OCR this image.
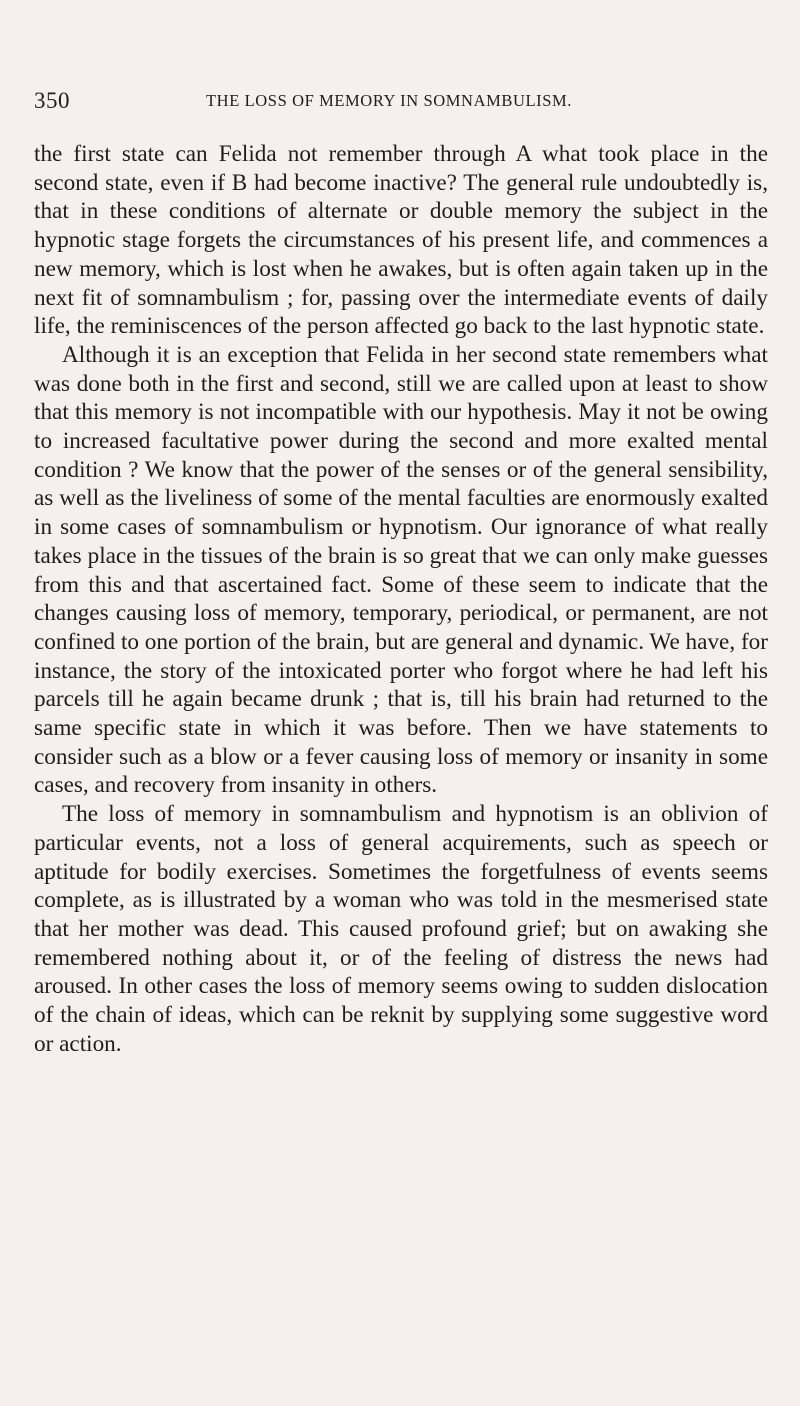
350	THE LOSS OF MEMORY IN SOMNAMBULISM.

the first state can Felida not remember through A what took place in the second state, even if B had become inactive? The general rule undoubtedly is, that in these conditions of alternate or double memory the subject in the hypnotic stage forgets the circumstances of his present life, and commences a new memory, which is lost when he awakes, but is often again taken up in the next fit of somnambulism ; for, passing over the intermediate events of daily life, the reminiscences of the person affected go back to the last hypnotic state.

Although it is an exception that Felida in her second state remembers what was done both in the first and second, still we are called upon at least to show that this memory is not incompatible with our hypothesis. May it not be owing to increased facultative power during the second and more exalted mental condition ? We know that the power of the senses or of the general sensibility, as well as the liveliness of some of the mental faculties are enormously exalted in some cases of somnambulism or hypnotism. Our ignorance of what really takes place in the tissues of the brain is so great that we can only make guesses from this and that ascertained fact. Some of these seem to indicate that the changes causing loss of memory, temporary, periodical, or permanent, are not confined to one portion of the brain, but are general and dynamic. We have, for instance, the story of the intoxicated porter who forgot where he had left his parcels till he again became drunk ; that is, till his brain had returned to the same specific state in which it was before. Then we have statements to consider such as a blow or a fever causing loss of memory or insanity in some cases, and recovery from insanity in others.

The loss of memory in somnambulism and hypnotism is an oblivion of particular events, not a loss of general acquirements, such as speech or aptitude for bodily exercises. Sometimes the forgetfulness of events seems complete, as is illustrated by a woman who was told in the mesmerised state that her mother was dead. This caused profound grief; but on awaking she remembered nothing about it, or of the feeling of distress the news had aroused. In other cases the loss of memory seems owing to sudden dislocation of the chain of ideas, which can be reknit by supplying some suggestive word or action.
